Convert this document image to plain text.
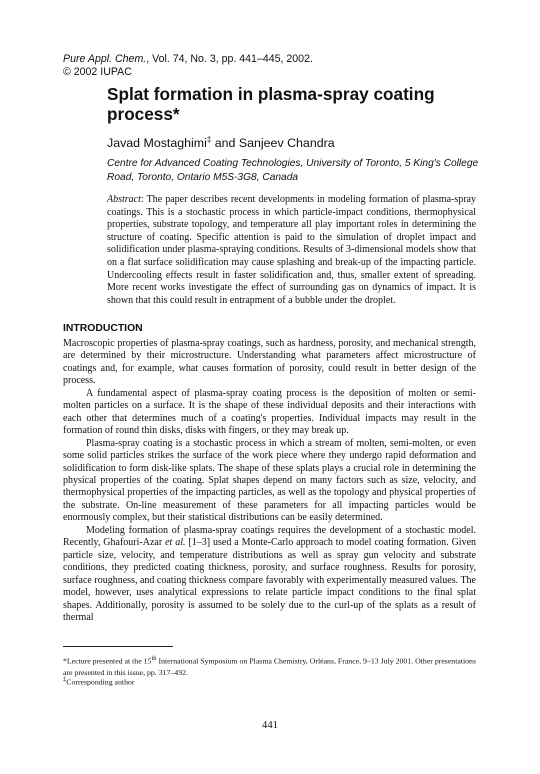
Pure Appl. Chem., Vol. 74, No. 3, pp. 441–445, 2002.
© 2002 IUPAC
Splat formation in plasma-spray coating process*
Javad Mostaghimi‡ and Sanjeev Chandra
Centre for Advanced Coating Technologies, University of Toronto, 5 King's College Road, Toronto, Ontario M5S-3G8, Canada

Abstract: The paper describes recent developments in modeling formation of plasma-spray coatings. This is a stochastic process in which particle-impact conditions, thermophysical properties, substrate topology, and temperature all play important roles in determining the structure of coating. Specific attention is paid to the simulation of droplet impact and solidification under plasma-spraying conditions. Results of 3-dimensional models show that on a flat surface solidification may cause splashing and break-up of the impacting particle. Undercooling effects result in faster solidification and, thus, smaller extent of spreading. More recent works investigate the effect of surrounding gas on dynamics of impact. It is shown that this could result in entrapment of a bubble under the droplet.

INTRODUCTION

Macroscopic properties of plasma-spray coatings, such as hardness, porosity, and mechanical strength, are determined by their microstructure. Understanding what parameters affect microstructure of coatings and, for example, what causes formation of porosity, could result in better design of the process.

A fundamental aspect of plasma-spray coating process is the deposition of molten or semi-molten particles on a surface. It is the shape of these individual deposits and their interactions with each other that determines much of a coating's properties. Individual impacts may result in the formation of round thin disks, disks with fingers, or they may break up.

Plasma-spray coating is a stochastic process in which a stream of molten, semi-molten, or even some solid particles strikes the surface of the work piece where they undergo rapid deformation and solidification to form disk-like splats. The shape of these splats plays a crucial role in determining the physical properties of the coating. Splat shapes depend on many factors such as size, velocity, and thermophysical properties of the impacting particles, as well as the topology and physical properties of the substrate. On-line measurement of these parameters for all impacting particles would be enormously complex, but their statistical distributions can be easily determined.

Modeling formation of plasma-spray coatings requires the development of a stochastic model. Recently, Ghafouri-Azar et al. [1–3] used a Monte-Carlo approach to model coating formation. Given particle size, velocity, and temperature distributions as well as spray gun velocity and substrate conditions, they predicted coating thickness, porosity, and surface roughness. Results for porosity, surface roughness, and coating thickness compare favorably with experimentally measured values. The model, however, uses analytical expressions to relate particle impact conditions to the final splat shapes. Additionally, porosity is assumed to be solely due to the curl-up of the splats as a result of thermal

*Lecture presented at the 15th International Symposium on Plasma Chemistry, Orléans, France, 9–13 July 2001. Other presentations are presented in this issue, pp. 317–492.
‡Corresponding author
441
